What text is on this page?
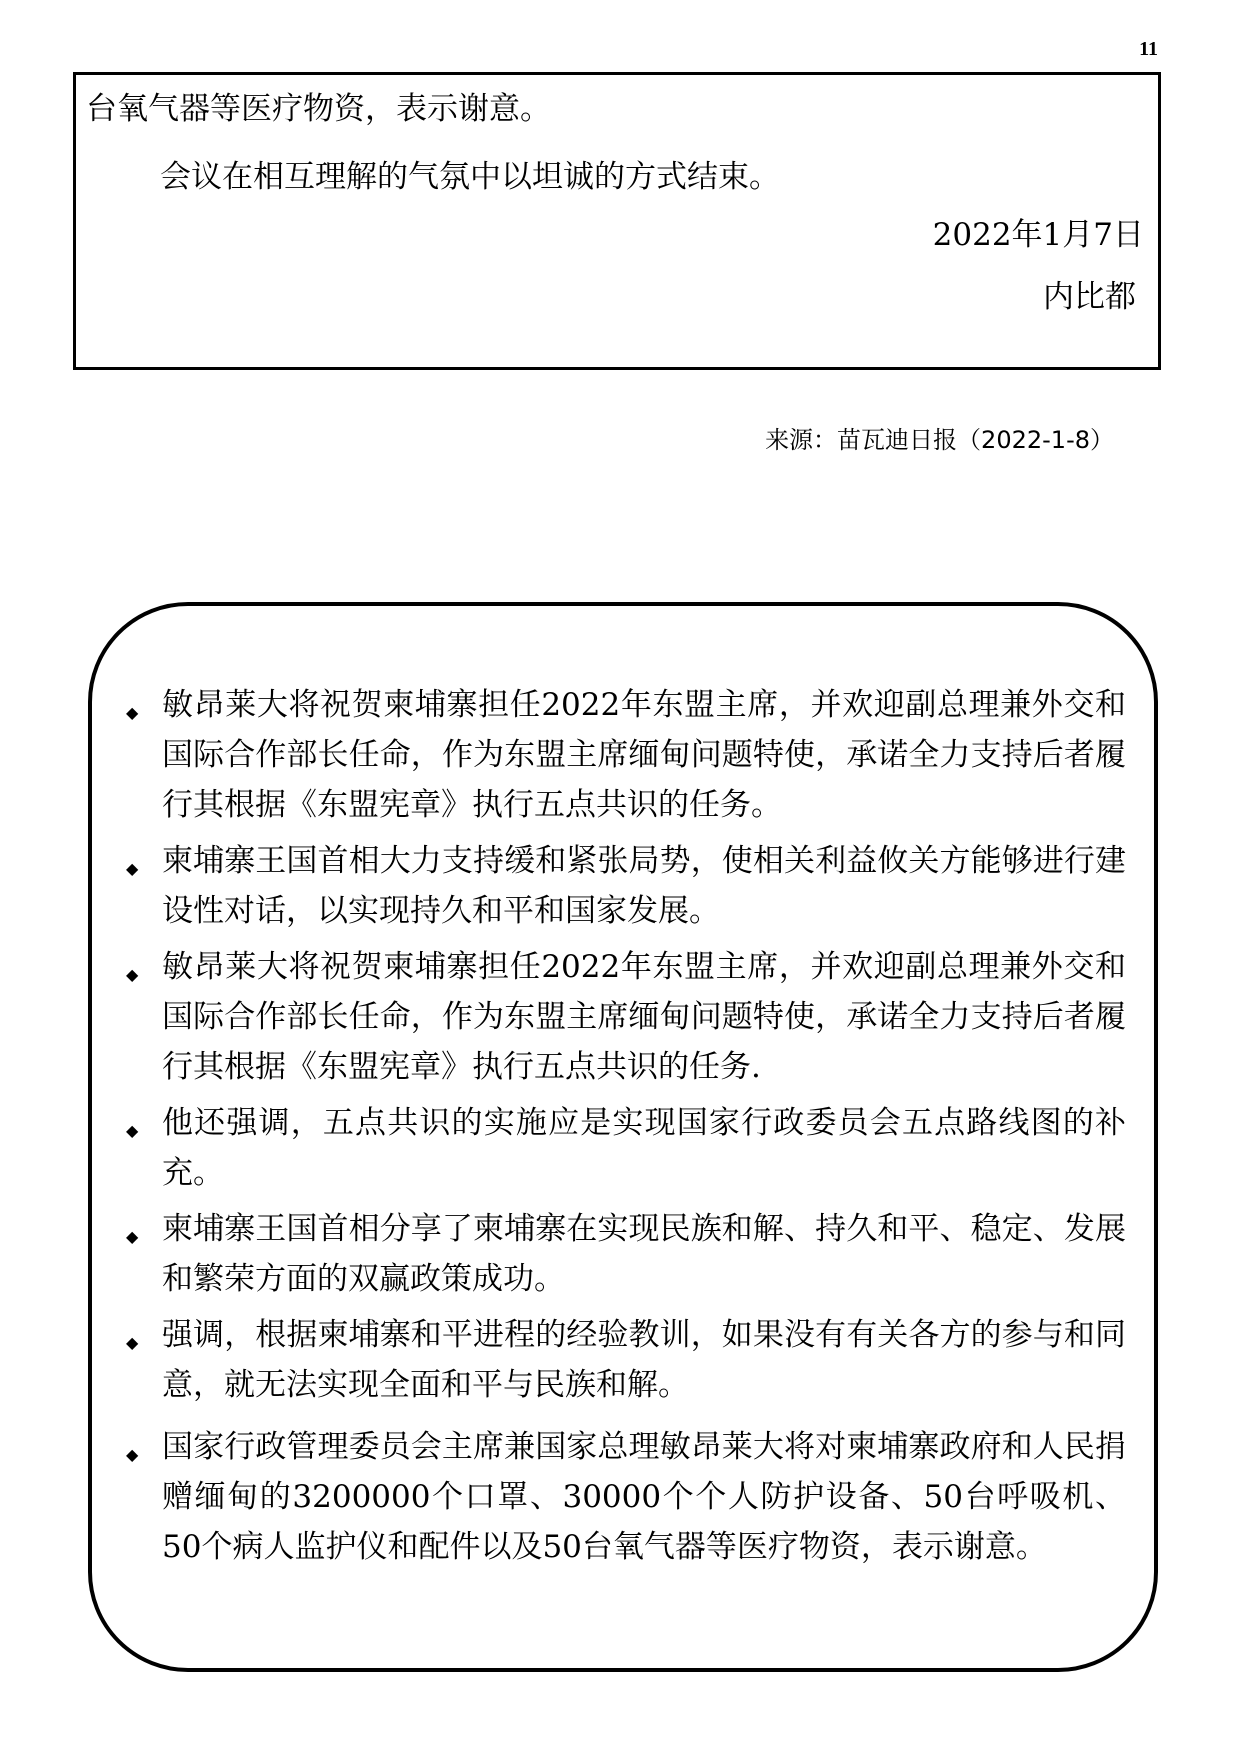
11
台氧气器等医疗物资，表示谢意。
会议在相互理解的气氛中以坦诚的方式结束。
2022年1月7日
内比都
来源：苗瓦迪日报（2022-1-8）
◆ 敏昂莱大将祝贺柬埔寨担任2022年东盟主席，并欢迎副总理兼外交和国际合作部长任命，作为东盟主席缅甸问题特使，承诺全力支持后者履行其根据《东盟宪章》执行五点共识的任务。
◆ 柬埔寨王国首相大力支持缓和紧张局势，使相关利益攸关方能够进行建设性对话，以实现持久和平和国家发展。
◆ 敏昂莱大将祝贺柬埔寨担任2022年东盟主席，并欢迎副总理兼外交和国际合作部长任命，作为东盟主席缅甸问题特使，承诺全力支持后者履行其根据《东盟宪章》执行五点共识的任务.
◆ 他还强调，五点共识的实施应是实现国家行政委员会五点路线图的补充。
◆ 柬埔寨王国首相分享了柬埔寨在实现民族和解、持久和平、稳定、发展和繁荣方面的双赢政策成功。
◆ 强调，根据柬埔寨和平进程的经验教训，如果没有有关各方的参与和同意，就无法实现全面和平与民族和解。
◆ 国家行政管理委员会主席兼国家总理敏昂莱大将对柬埔寨政府和人民捐赠缅甸的3200000个口罩、30000个个人防护设备、50台呼吸机、50个病人监护仪和配件以及50台氧气器等医疗物资，表示谢意。
